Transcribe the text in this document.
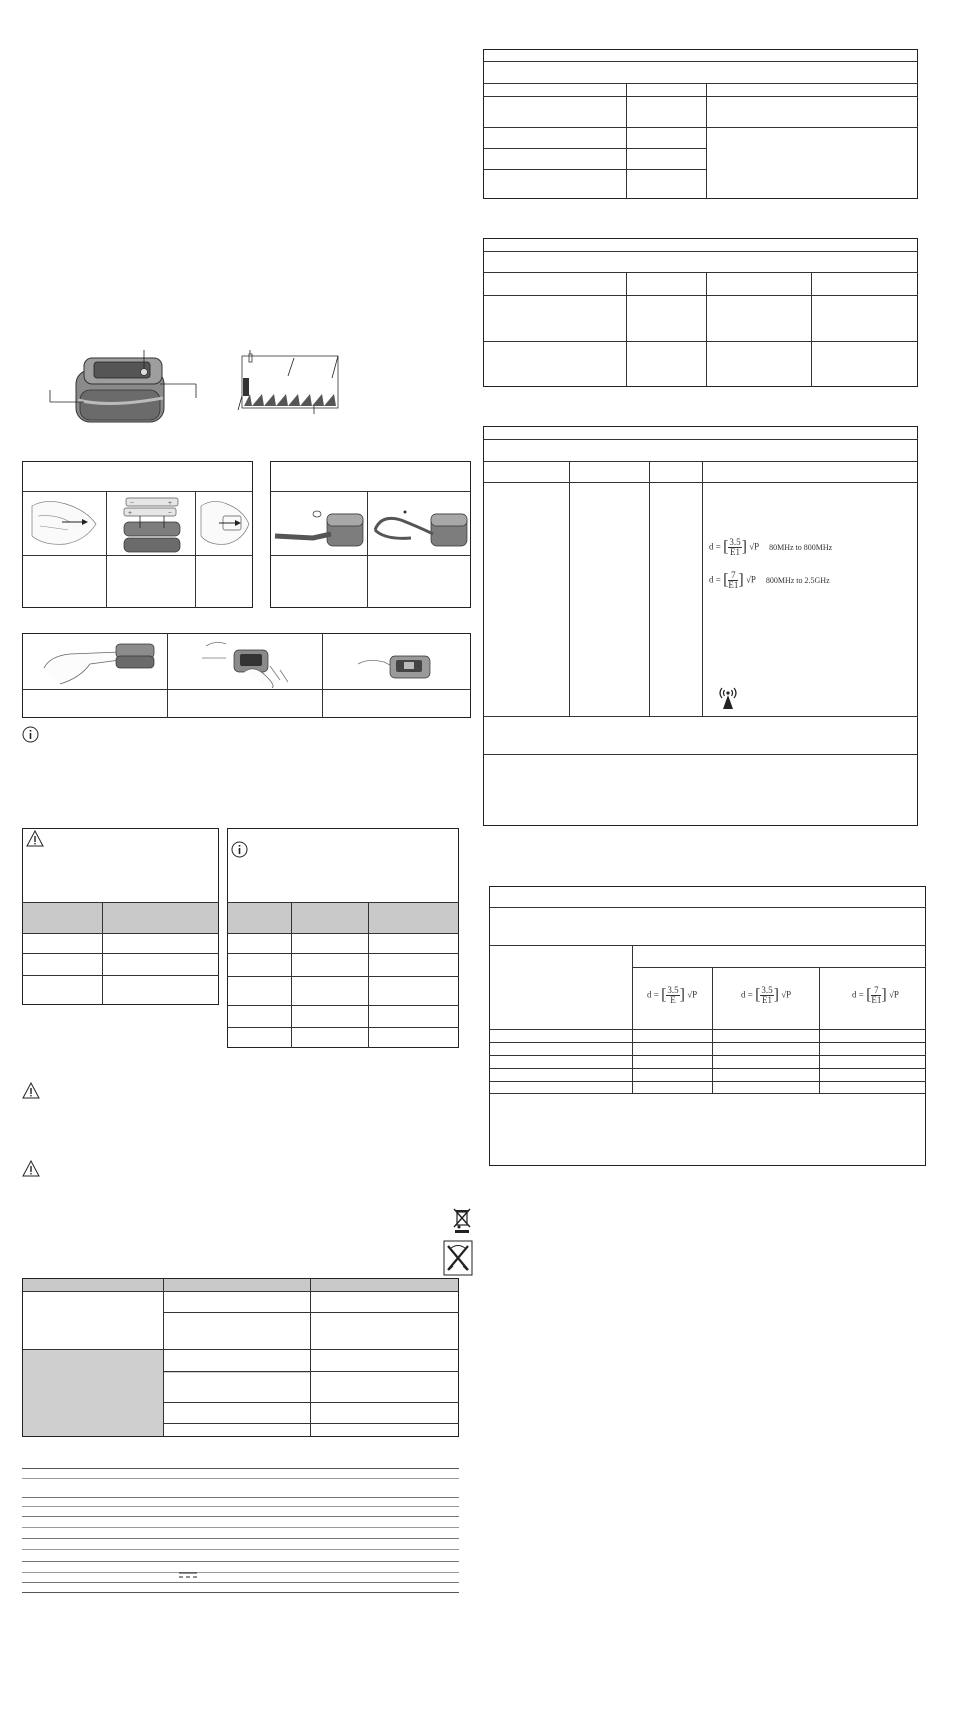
−	+
+	−
d = [ $\frac{3.5}{E1}$ ] √P 80MHz to 800MHz
d = [ $\frac{7}{E1}$ ] √P 800MHz to 2.5GHz
d = [ $\frac{3.5}{E}$ ] √P	d = [ $\frac{3.5}{E1}$ ] √P	d = [ $\frac{7}{E1}$ ] √P
